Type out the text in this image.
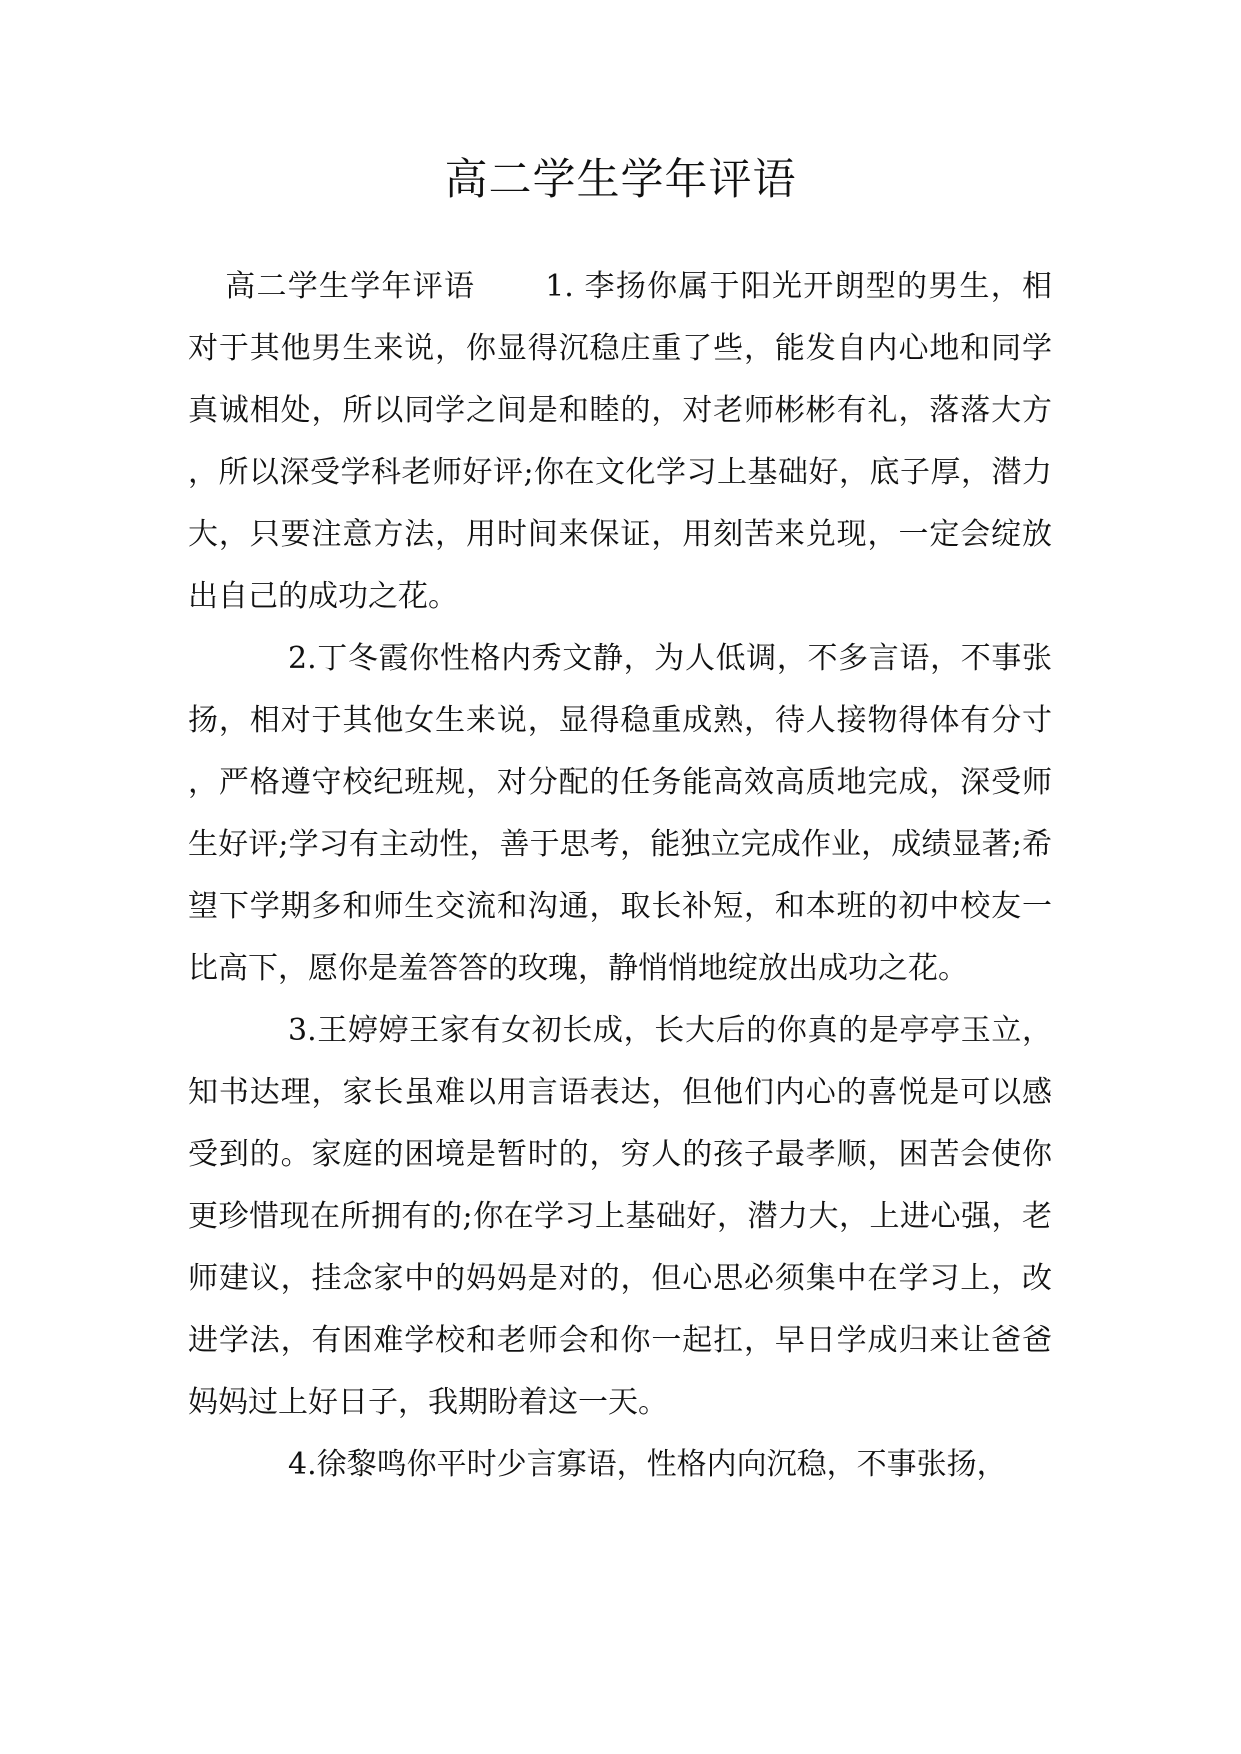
高二学生学年评语

高二学生学年评语 1. 李扬你属于阳光开朗型的男生，相对于其他男生来说，你显得沉稳庄重了些，能发自内心地和同学真诚相处，所以同学之间是和睦的，对老师彬彬有礼，落落大方，所以深受学科老师好评;你在文化学习上基础好，底子厚，潜力大，只要注意方法，用时间来保证，用刻苦来兑现，一定会绽放出自己的成功之花。

2.丁冬霞你性格内秀文静，为人低调，不多言语，不事张扬，相对于其他女生来说，显得稳重成熟，待人接物得体有分寸，严格遵守校纪班规，对分配的任务能高效高质地完成，深受师生好评;学习有主动性，善于思考，能独立完成作业，成绩显著;希望下学期多和师生交流和沟通，取长补短，和本班的初中校友一比高下，愿你是羞答答的玫瑰，静悄悄地绽放出成功之花。

3.王婷婷王家有女初长成，长大后的你真的是亭亭玉立，知书达理，家长虽难以用言语表达，但他们内心的喜悦是可以感受到的。家庭的困境是暂时的，穷人的孩子最孝顺，困苦会使你更珍惜现在所拥有的;你在学习上基础好，潜力大，上进心强，老师建议，挂念家中的妈妈是对的，但心思必须集中在学习上，改进学法，有困难学校和老师会和你一起扛，早日学成归来让爸爸妈妈过上好日子，我期盼着这一天。

4.徐黎鸣你平时少言寡语，性格内向沉稳，不事张扬，
